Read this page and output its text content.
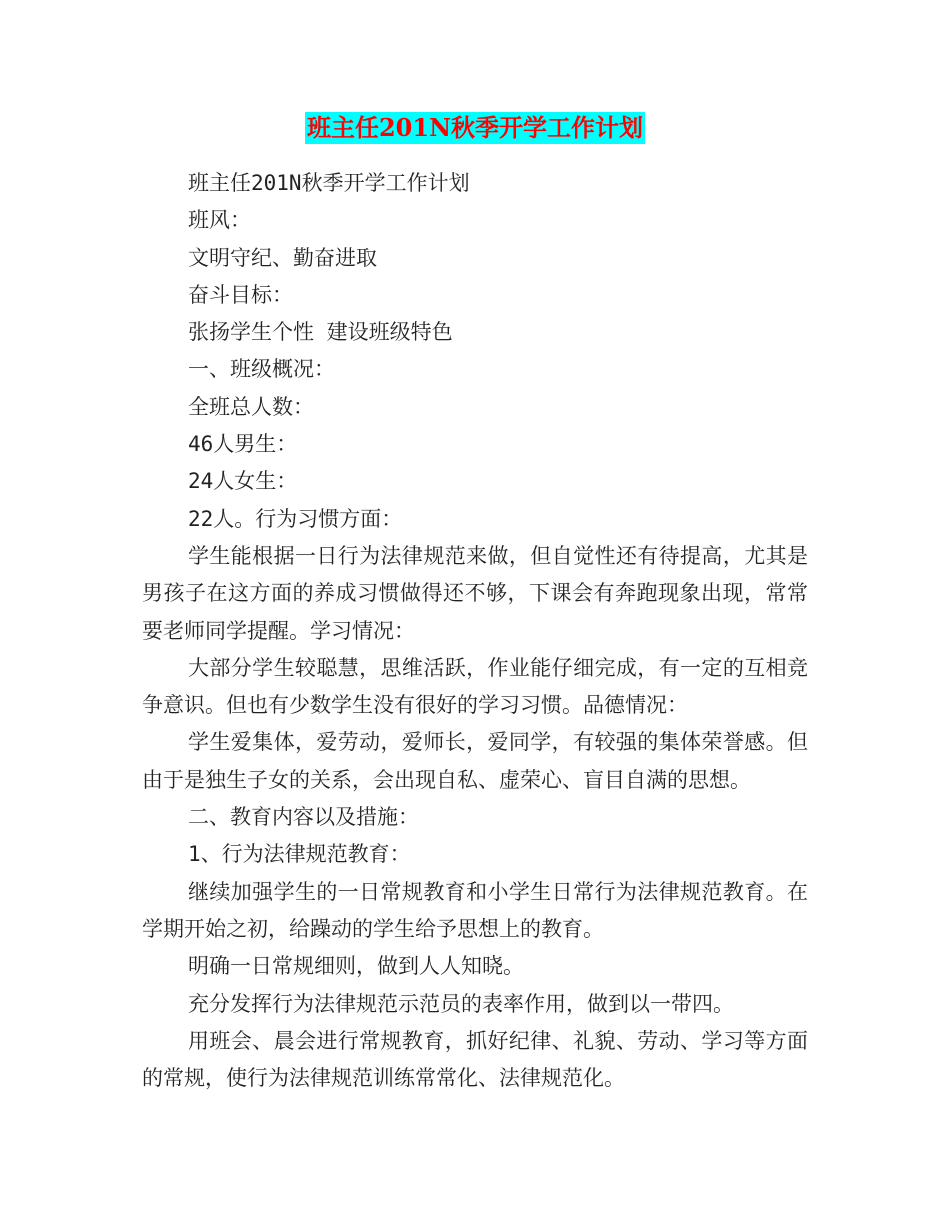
班主任201N秋季开学工作计划

班主任201N秋季开学工作计划

班风：

文明守纪、勤奋进取

奋斗目标：

张扬学生个性 建设班级特色

一、班级概况：

全班总人数：

46人男生：

24人女生：

22人。行为习惯方面：

学生能根据一日行为法律规范来做，但自觉性还有待提高，尤其是男孩子在这方面的养成习惯做得还不够，下课会有奔跑现象出现，常常要老师同学提醒。学习情况：

大部分学生较聪慧，思维活跃，作业能仔细完成，有一定的互相竞争意识。但也有少数学生没有很好的学习习惯。品德情况：

学生爱集体，爱劳动，爱师长，爱同学，有较强的集体荣誉感。但由于是独生子女的关系，会出现自私、虚荣心、盲目自满的思想。

二、教育内容以及措施：

1、行为法律规范教育：

继续加强学生的一日常规教育和小学生日常行为法律规范教育。在学期开始之初，给躁动的学生给予思想上的教育。

明确一日常规细则，做到人人知晓。

充分发挥行为法律规范示范员的表率作用，做到以一带四。

用班会、晨会进行常规教育，抓好纪律、礼貌、劳动、学习等方面的常规，使行为法律规范训练常常化、法律规范化。
